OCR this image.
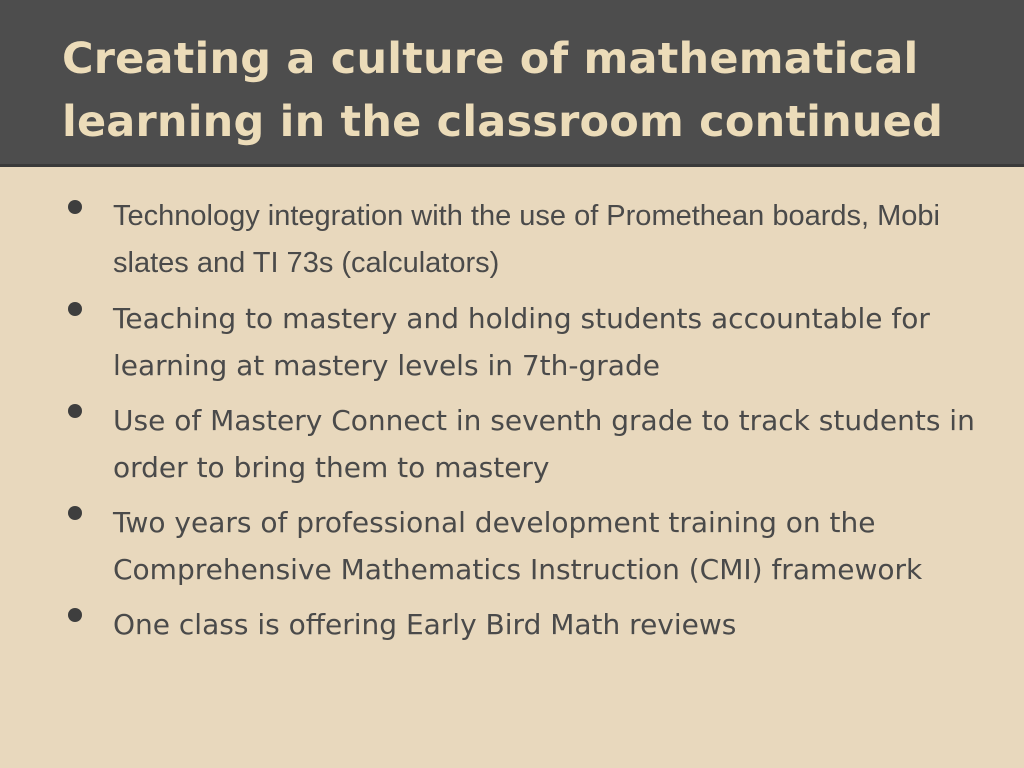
Creating a culture of mathematical learning in the classroom continued
Technology integration with the use of Promethean boards, Mobi slates and TI 73s (calculators)
Teaching to mastery and holding students accountable for learning at mastery levels in 7th-grade
Use of Mastery Connect in seventh grade to track students in order to bring them to mastery
Two years of professional development training on the Comprehensive Mathematics Instruction (CMI) framework
One class is offering Early Bird Math reviews
